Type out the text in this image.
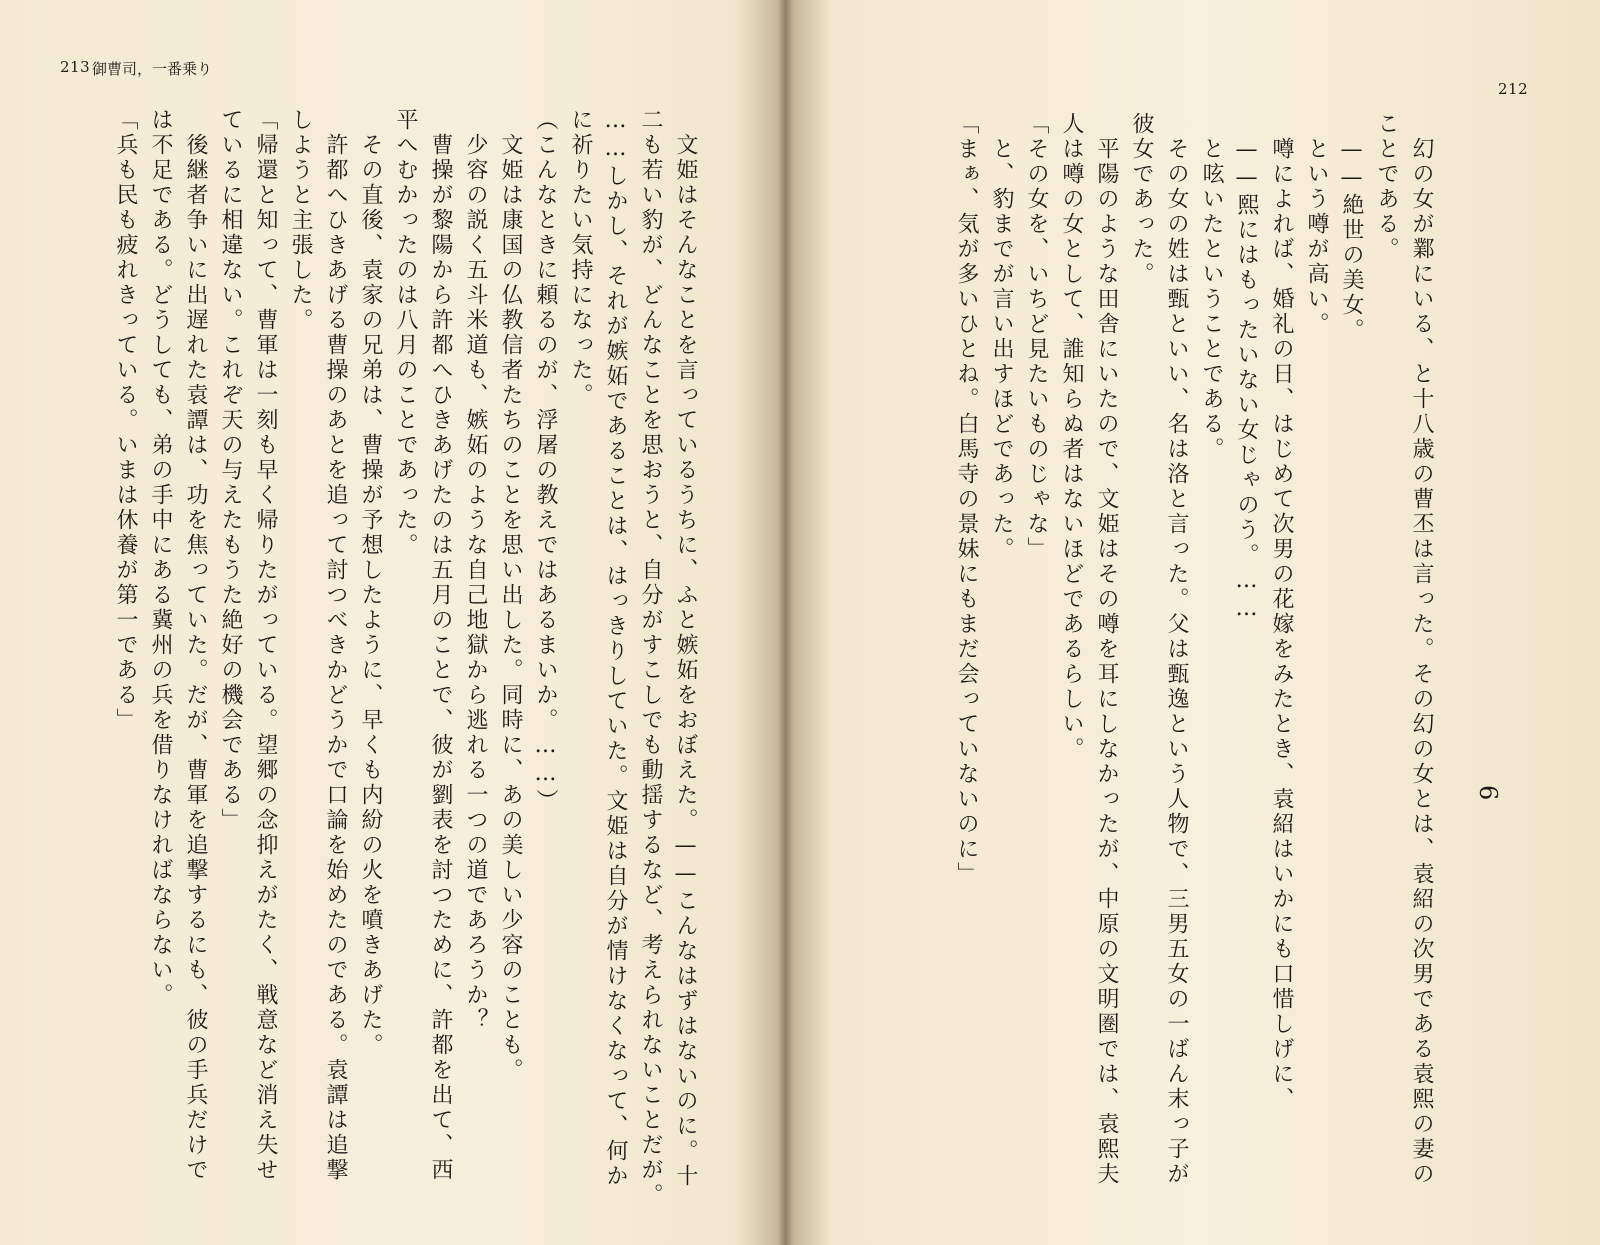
213 御曹司，一番乗り
　文姫はそんなことを言っているうちに、ふと嫉妬をおぼえた。——こんなはずはないのに。十
二も若い豹が、どんなことを思おうと、自分がすこしでも動揺するなど、考えられないことだが。
……しかし、それが嫉妬であることは、はっきりしていた。文姫は自分が情けなくなって、何か
に祈りたい気持になった。
（こんなときに頼るのが、浮屠の教えではあるまいか。……）
　文姫は康国の仏教信者たちのことを思い出した。同時に、あの美しい少容のことも。
　少容の説く五斗米道も、嫉妬のような自己地獄から逃れる一つの道であろうか？
　曹操が黎陽から許都へひきあげたのは五月のことで、彼が劉表を討つために、許都を出て、西
平へむかったのは八月のことであった。
　その直後、袁家の兄弟は、曹操が予想したように、早くも内紛の火を噴きあげた。
　許都へひきあげる曹操のあとを追って討つべきかどうかで口論を始めたのである。袁譚は追撃
しようと主張した。
「帰還と知って、曹軍は一刻も早く帰りたがっている。望郷の念抑えがたく、戦意など消え失せ
ているに相違ない。これぞ天の与えたもうた絶好の機会である」
　後継者争いに出遅れた袁譚は、功を焦っていた。だが、曹軍を追撃するにも、彼の手兵だけで
は不足である。どうしても、弟の手中にある冀州の兵を借りなければならない。
「兵も民も疲れきっている。いまは休養が第一である」
212
6
　幻の女が鄴にいる、と十八歳の曹丕は言った。その幻の女とは、袁紹の次男である袁熙の妻の
ことである。
　——絶世の美女。
　という噂が高い。
　噂によれば、婚礼の日、はじめて次男の花嫁をみたとき、袁紹はいかにも口惜しげに、
　——熙にはもったいない女じゃのう。……
　と呟いたということである。
　その女の姓は甄といい、名は洛と言った。父は甄逸という人物で、三男五女の一ばん末っ子が
彼女であった。
　平陽のような田舎にいたので、文姫はその噂を耳にしなかったが、中原の文明圏では、袁熙夫
人は噂の女として、誰知らぬ者はないほどであるらしい。
「その女を、いちど見たいものじゃな」
　と、豹までが言い出すほどであった。
「まぁ、気が多いひとね。白馬寺の景妹にもまだ会っていないのに」
